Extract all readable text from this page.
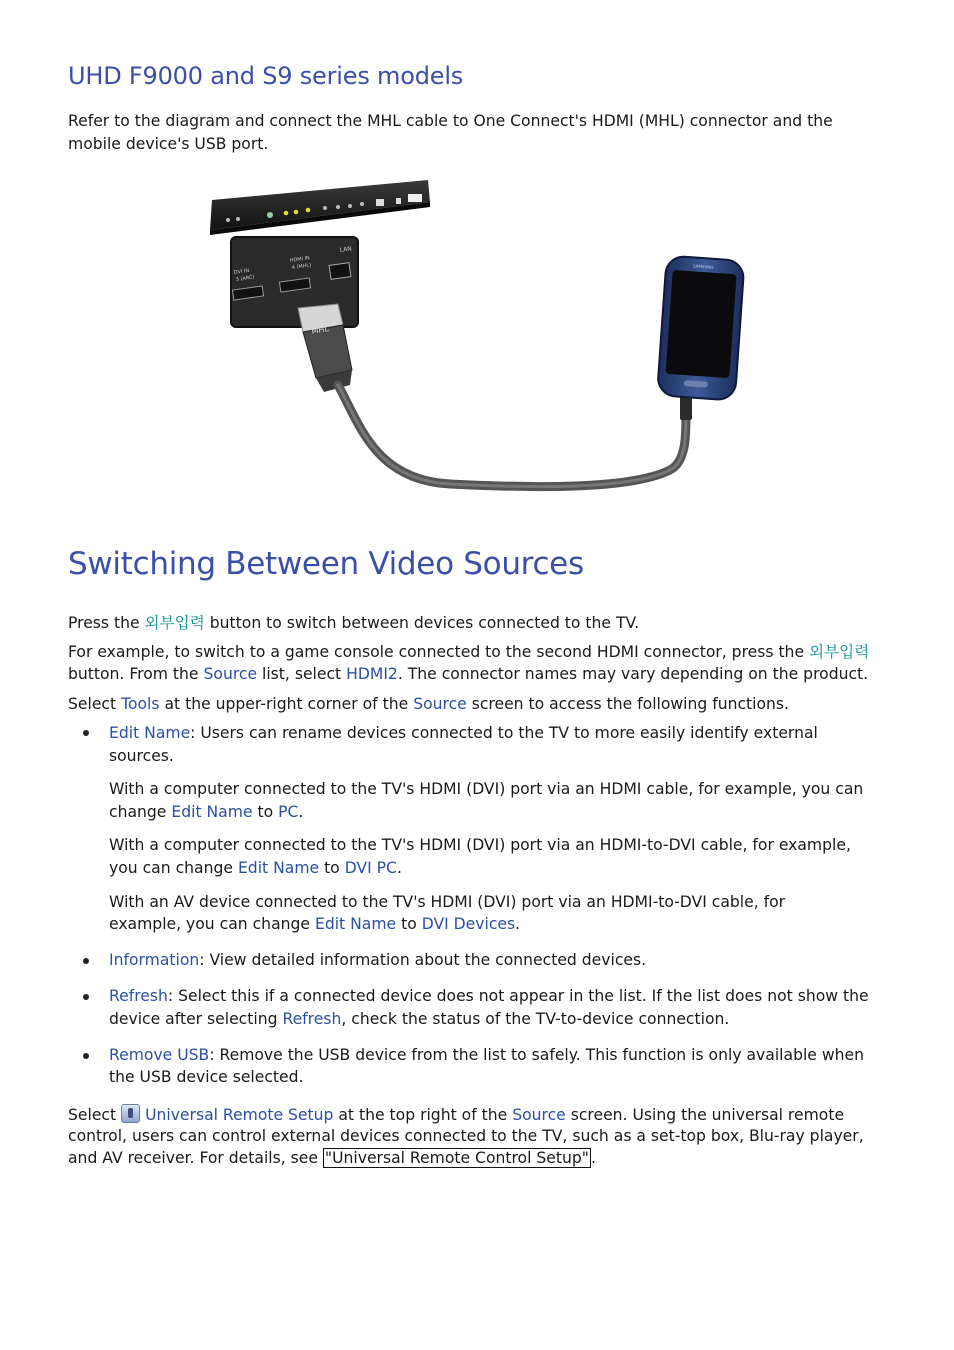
UHD F9000 and S9 series models

Refer to the diagram and connect the MHL cable to One Connect's HDMI (MHL) connector and the

mobile device's USB port.

LAN
DVI IN
3 (ARC)
HDMI IN
4 (MHL)
MHL
SAMSUNG
Switching Between Video Sources

Press the 외부입력 button to switch between devices connected to the TV.

For example, to switch to a game console connected to the second HDMI connector, press the 외부입력

button. From the Source list, select HDMI2. The connector names may vary depending on the product.

Select Tools at the upper-right corner of the Source screen to access the following functions.

Edit Name: Users can rename devices connected to the TV to more easily identify external

sources.

With a computer connected to the TV's HDMI (DVI) port via an HDMI cable, for example, you can

change Edit Name to PC.

With a computer connected to the TV's HDMI (DVI) port via an HDMI-to-DVI cable, for example,

you can change Edit Name to DVI PC.

With an AV device connected to the TV's HDMI (DVI) port via an HDMI-to-DVI cable, for

example, you can change Edit Name to DVI Devices.

Information: View detailed information about the connected devices.

Refresh: Select this if a connected device does not appear in the list. If the list does not show the

device after selecting Refresh, check the status of the TV-to-device connection.

Remove USB: Remove the USB device from the list to safely. This function is only available when

the USB device selected.

Select Universal Remote Setup at the top right of the Source screen. Using the universal remote

control, users can control external devices connected to the TV, such as a set-top box, Blu-ray player,

and AV receiver. For details, see "Universal Remote Control Setup" .
